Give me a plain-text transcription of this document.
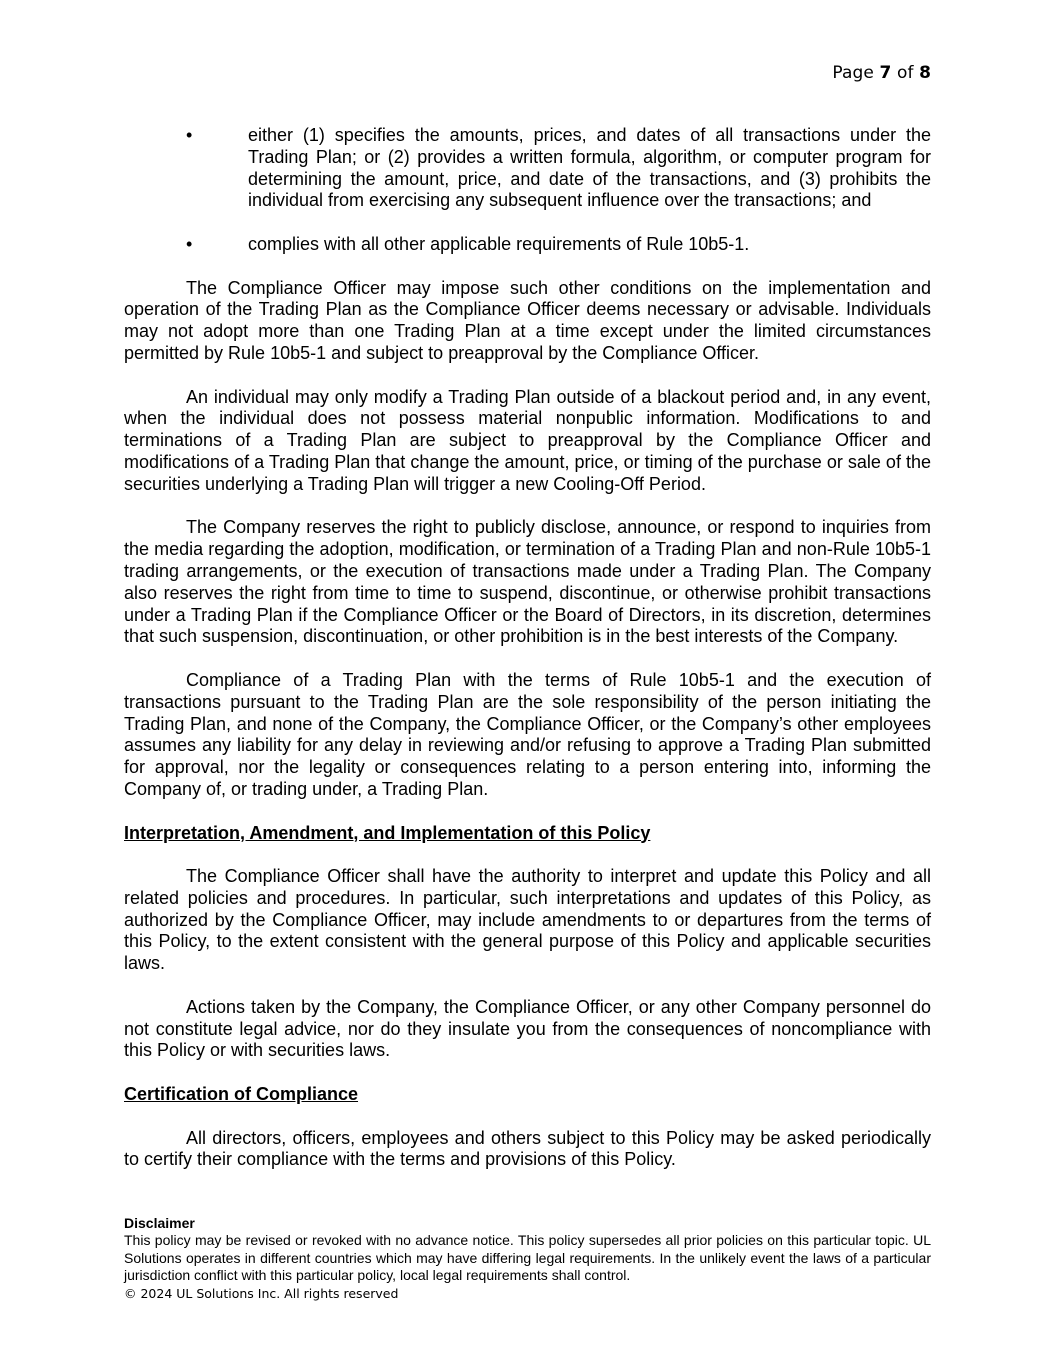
Page 7 of 8
•	either (1) specifies the amounts, prices, and dates of all transactions under the Trading Plan; or (2) provides a written formula, algorithm, or computer program for determining the amount, price, and date of the transactions, and (3) prohibits the individual from exercising any subsequent influence over the transactions; and
•	complies with all other applicable requirements of Rule 10b5-1.

The Compliance Officer may impose such other conditions on the implementation and operation of the Trading Plan as the Compliance Officer deems necessary or advisable. Individuals may not adopt more than one Trading Plan at a time except under the limited circumstances permitted by Rule 10b5-1 and subject to preapproval by the Compliance Officer.

An individual may only modify a Trading Plan outside of a blackout period and, in any event, when the individual does not possess material nonpublic information. Modifications to and terminations of a Trading Plan are subject to preapproval by the Compliance Officer and modifications of a Trading Plan that change the amount, price, or timing of the purchase or sale of the securities underlying a Trading Plan will trigger a new Cooling-Off Period.

The Company reserves the right to publicly disclose, announce, or respond to inquiries from the media regarding the adoption, modification, or termination of a Trading Plan and non-Rule 10b5-1 trading arrangements, or the execution of transactions made under a Trading Plan. The Company also reserves the right from time to time to suspend, discontinue, or otherwise prohibit transactions under a Trading Plan if the Compliance Officer or the Board of Directors, in its discretion, determines that such suspension, discontinuation, or other prohibition is in the best interests of the Company.

Compliance of a Trading Plan with the terms of Rule 10b5-1 and the execution of transactions pursuant to the Trading Plan are the sole responsibility of the person initiating the Trading Plan, and none of the Company, the Compliance Officer, or the Company’s other employees assumes any liability for any delay in reviewing and/or refusing to approve a Trading Plan submitted for approval, nor the legality or consequences relating to a person entering into, informing the Company of, or trading under, a Trading Plan.

Interpretation, Amendment, and Implementation of this Policy

The Compliance Officer shall have the authority to interpret and update this Policy and all related policies and procedures. In particular, such interpretations and updates of this Policy, as authorized by the Compliance Officer, may include amendments to or departures from the terms of this Policy, to the extent consistent with the general purpose of this Policy and applicable securities laws.

Actions taken by the Company, the Compliance Officer, or any other Company personnel do not constitute legal advice, nor do they insulate you from the consequences of noncompliance with this Policy or with securities laws.

Certification of Compliance

All directors, officers, employees and others subject to this Policy may be asked periodically to certify their compliance with the terms and provisions of this Policy.

Disclaimer
This policy may be revised or revoked with no advance notice. This policy supersedes all prior policies on this particular topic. UL Solutions operates in different countries which may have differing legal requirements. In the unlikely event the laws of a particular jurisdiction conflict with this particular policy, local legal requirements shall control.
© 2024 UL Solutions Inc. All rights reserved
